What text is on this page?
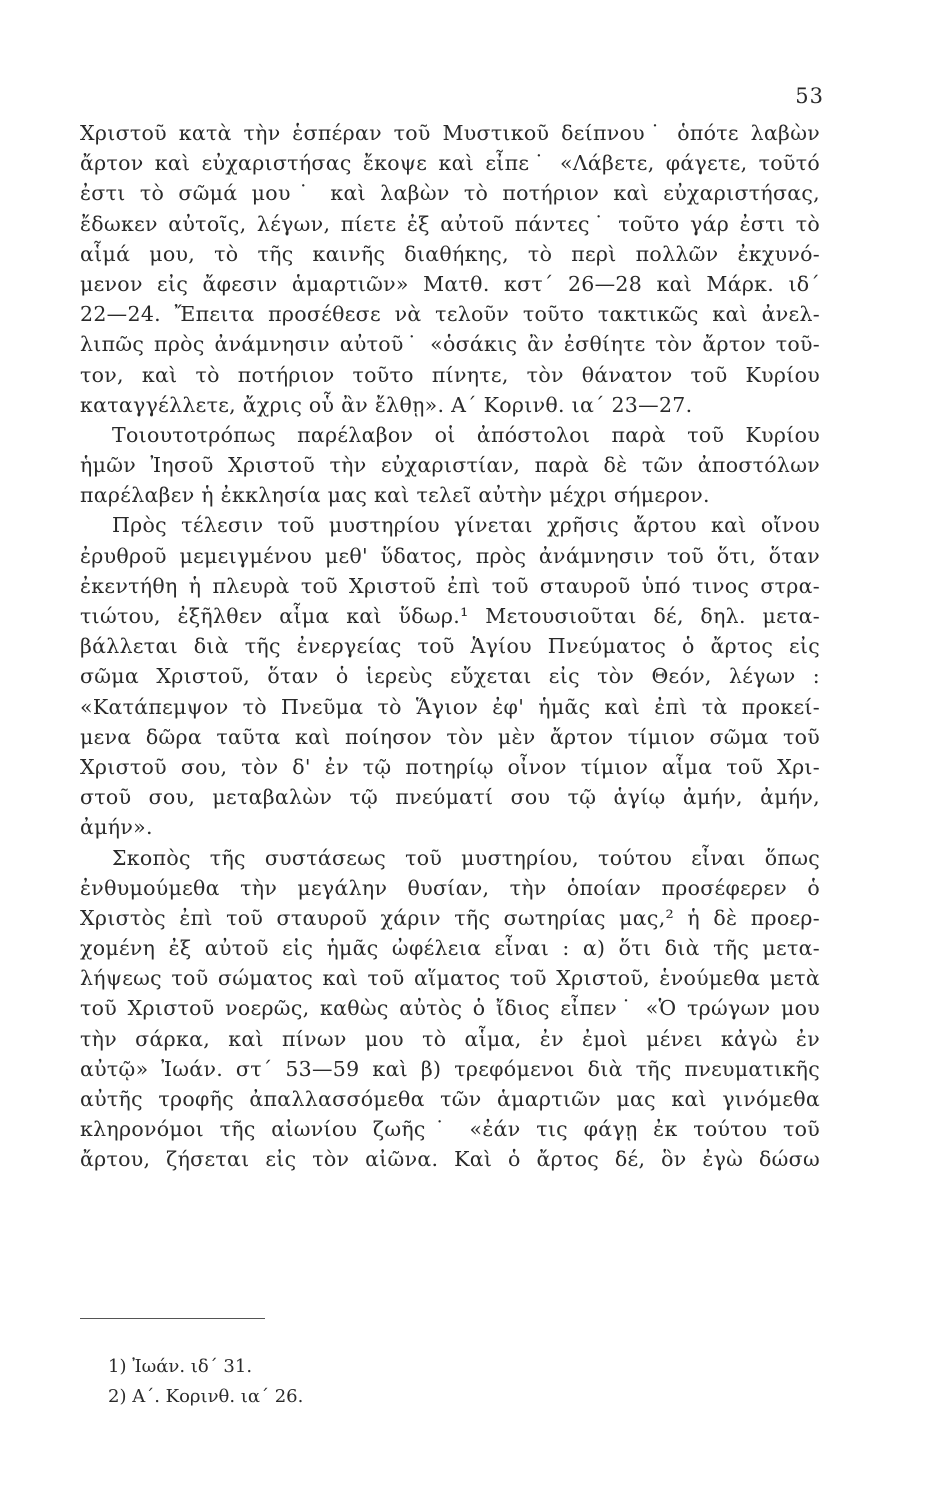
53
Χριστοῦ κατὰ τὴν ἑσπέραν τοῦ Μυστικοῦ δείπνου˙ ὁπότε λαβὼν
ἄρτον καὶ εὐχαριστήσας ἔκοψε καὶ εἶπε˙ «Λάβετε, φάγετε, τοῦτό
ἐστι τὸ σῶμά μου˙ καὶ λαβὼν τὸ ποτήριον καὶ εὐχαριστήσας,
ἔδωκεν αὐτοῖς, λέγων, πίετε ἐξ αὐτοῦ πάντες˙ τοῦτο γάρ ἐστι τὸ
αἷμά μου, τὸ τῆς καινῆς διαθήκης, τὸ περὶ πολλῶν ἐκχυνό-
μενον εἰς ἄφεσιν ἁμαρτιῶν» Ματθ. κστ΄ 26—28 καὶ Μάρκ. ιδ΄
22—24. Ἔπειτα προσέθεσε νὰ τελοῦν τοῦτο τακτικῶς καὶ ἀνελ-
λιπῶς πρὸς ἀνάμνησιν αὐτοῦ˙ «ὁσάκις ἂν ἐσθίητε τὸν ἄρτον τοῦ-
τον, καὶ τὸ ποτήριον τοῦτο πίνητε, τὸν θάνατον τοῦ Κυρίου
καταγγέλλετε, ἄχρις οὗ ἂν ἔλθῃ». Α΄ Κορινθ. ια΄ 23—27.
Τοιουτοτρόπως παρέλαβον οἱ ἀπόστολοι παρὰ τοῦ Κυρίου
ἡμῶν Ἰησοῦ Χριστοῦ τὴν εὐχαριστίαν, παρὰ δὲ τῶν ἀποστόλων
παρέλαβεν ἡ ἐκκλησία μας καὶ τελεῖ αὐτὴν μέχρι σήμερον.
Πρὸς τέλεσιν τοῦ μυστηρίου γίνεται χρῆσις ἄρτου καὶ οἴνου
ἐρυθροῦ μεμειγμένου μεθ' ὕδατος, πρὸς ἀνάμνησιν τοῦ ὅτι, ὅταν
ἐκεντήθη ἡ πλευρὰ τοῦ Χριστοῦ ἐπὶ τοῦ σταυροῦ ὑπό τινος στρα-
τιώτου, ἐξῆλθεν αἷμα καὶ ὕδωρ.¹ Μετουσιοῦται δέ, δηλ. μετα-
βάλλεται διὰ τῆς ἐνεργείας τοῦ Ἁγίου Πνεύματος ὁ ἄρτος εἰς
σῶμα Χριστοῦ, ὅταν ὁ ἱερεὺς εὔχεται εἰς τὸν Θεόν, λέγων :
«Κατάπεμψον τὸ Πνεῦμα τὸ Ἅγιον ἐφ' ἡμᾶς καὶ ἐπὶ τὰ προκεί-
μενα δῶρα ταῦτα καὶ ποίησον τὸν μὲν ἄρτον τίμιον σῶμα τοῦ
Χριστοῦ σου, τὸν δ' ἐν τῷ ποτηρίῳ οἶνον τίμιον αἷμα τοῦ Χρι-
στοῦ σου, μεταβαλὼν τῷ πνεύματί σου τῷ ἁγίῳ ἀμήν, ἀμήν,
ἀμήν».
Σκοπὸς τῆς συστάσεως τοῦ μυστηρίου, τούτου εἶναι ὅπως
ἐνθυμούμεθα τὴν μεγάλην θυσίαν, τὴν ὁποίαν προσέφερεν ὁ
Χριστὸς ἐπὶ τοῦ σταυροῦ χάριν τῆς σωτηρίας μας,² ἡ δὲ προερ-
χομένη ἐξ αὐτοῦ εἰς ἡμᾶς ὠφέλεια εἶναι : α) ὅτι διὰ τῆς μετα-
λήψεως τοῦ σώματος καὶ τοῦ αἵματος τοῦ Χριστοῦ, ἑνούμεθα μετὰ
τοῦ Χριστοῦ νοερῶς, καθὼς αὐτὸς ὁ ἴδιος εἶπεν˙ «Ὁ τρώγων μου
τὴν σάρκα, καὶ πίνων μου τὸ αἷμα, ἐν ἐμοὶ μένει κἀγὼ ἐν
αὐτῷ» Ἰωάν. στ΄ 53—59 καὶ β) τρεφόμενοι διὰ τῆς πνευματικῆς
αὐτῆς τροφῆς ἀπαλλασσόμεθα τῶν ἁμαρτιῶν μας καὶ γινόμεθα
κληρονόμοι τῆς αἰωνίου ζωῆς˙ «ἐάν τις φάγῃ ἐκ τούτου τοῦ
ἄρτου, ζήσεται εἰς τὸν αἰῶνα. Καὶ ὁ ἄρτος δέ, ὃν ἐγὼ δώσω
1) Ἰωάν. ιδ΄ 31.
2) Α΄. Κορινθ. ια΄ 26.
